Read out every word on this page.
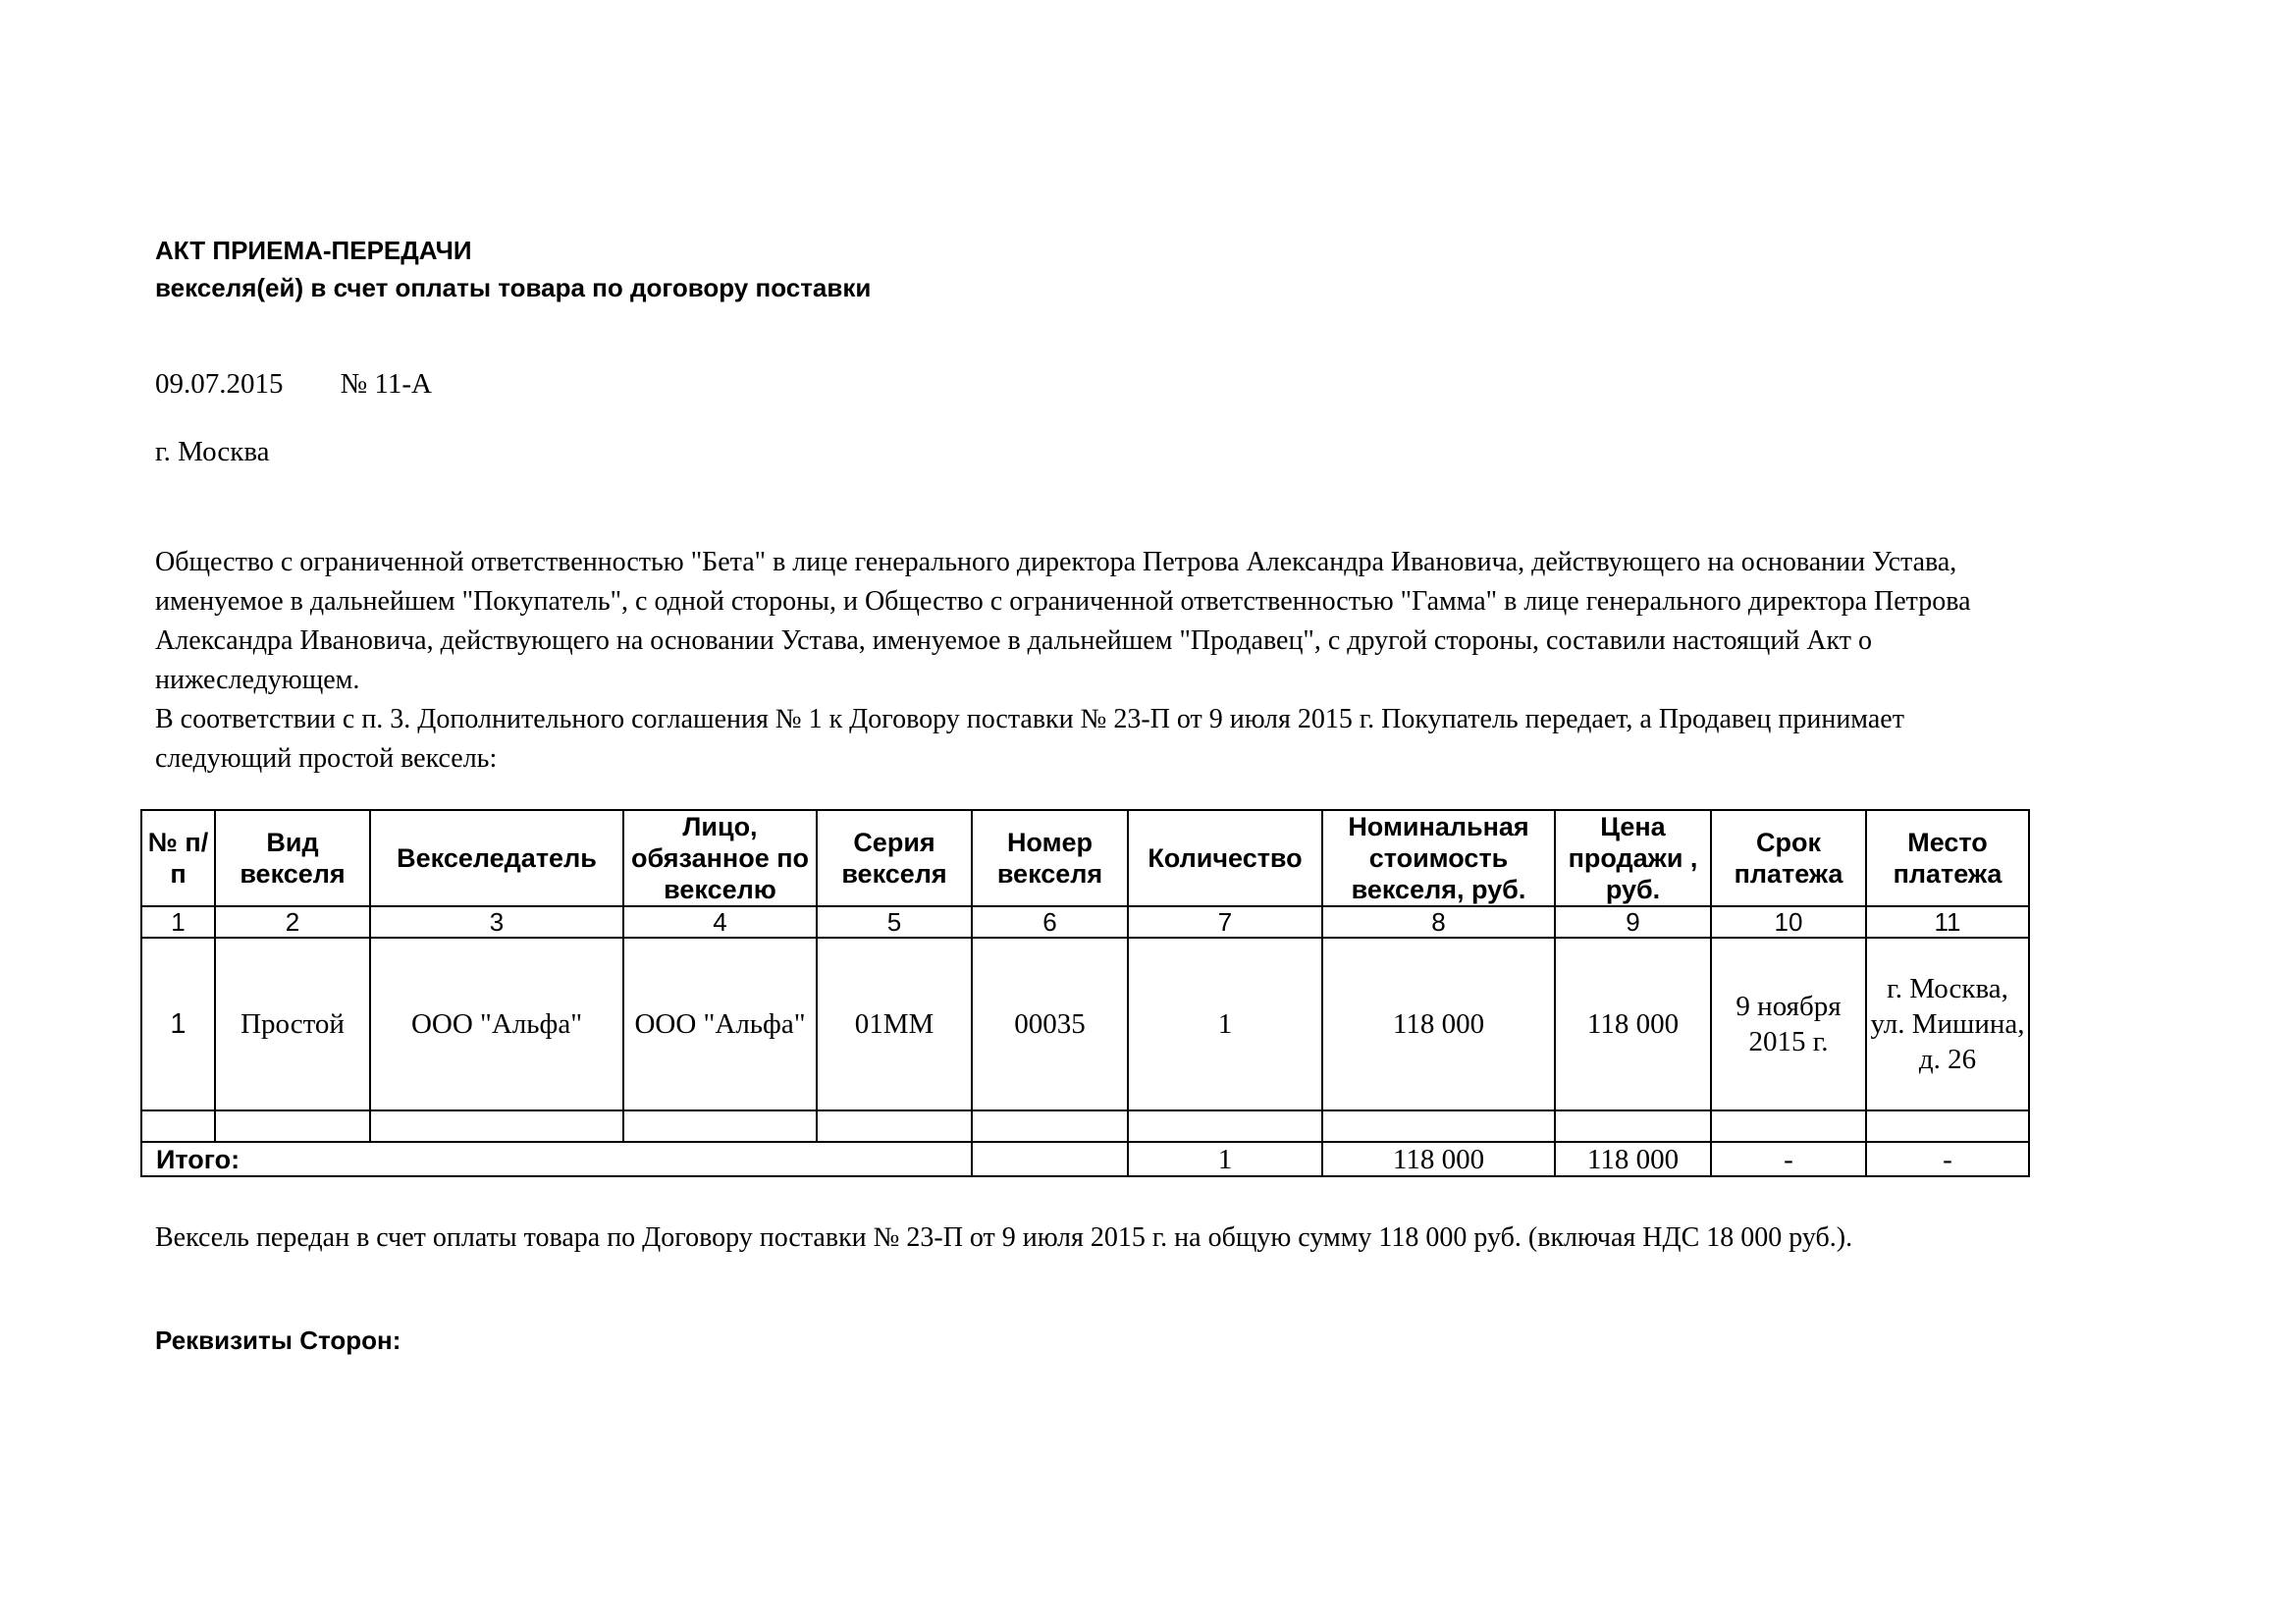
АКТ ПРИЕМА-ПЕРЕДАЧИ
векселя(ей) в счет оплаты товара по договору поставки
09.07.2015 № 11-А
г. Москва
Общество с ограниченной ответственностью "Бета" в лице генерального директора Петрова Александра Ивановича, действующего на основании Устава,
именуемое в дальнейшем "Покупатель", с одной стороны, и Общество с ограниченной ответственностью "Гамма" в лице генерального директора Петрова
Александра Ивановича, действующего на основании Устава, именуемое в дальнейшем "Продавец", с другой стороны, составили настоящий Акт о
нижеследующем.
В соответствии с п. 3. Дополнительного соглашения № 1 к Договору поставки № 23-П от 9 июля 2015 г. Покупатель передает, а Продавец принимает
следующий простой вексель:
№ п/п	Вид векселя	Векселедатель	Лицо, обязанное по векселю	Серия векселя	Номер векселя	Количество	Номинальная стоимость векселя, руб.	Цена продажи , руб.	Срок платежа	Место платежа
1	2	3	4	5	6	7	8	9	10	11
1	Простой	ООО "Альфа"	ООО "Альфа"	01ММ	00035	1	118 000	118 000	9 ноября 2015 г.	г. Москва, ул. Мишина, д. 26

Итого:						1	118 000	118 000	-	-
Вексель передан в счет оплаты товара по Договору поставки № 23-П от 9 июля 2015 г. на общую сумму 118 000 руб. (включая НДС 18 000 руб.).
Реквизиты Сторон:
